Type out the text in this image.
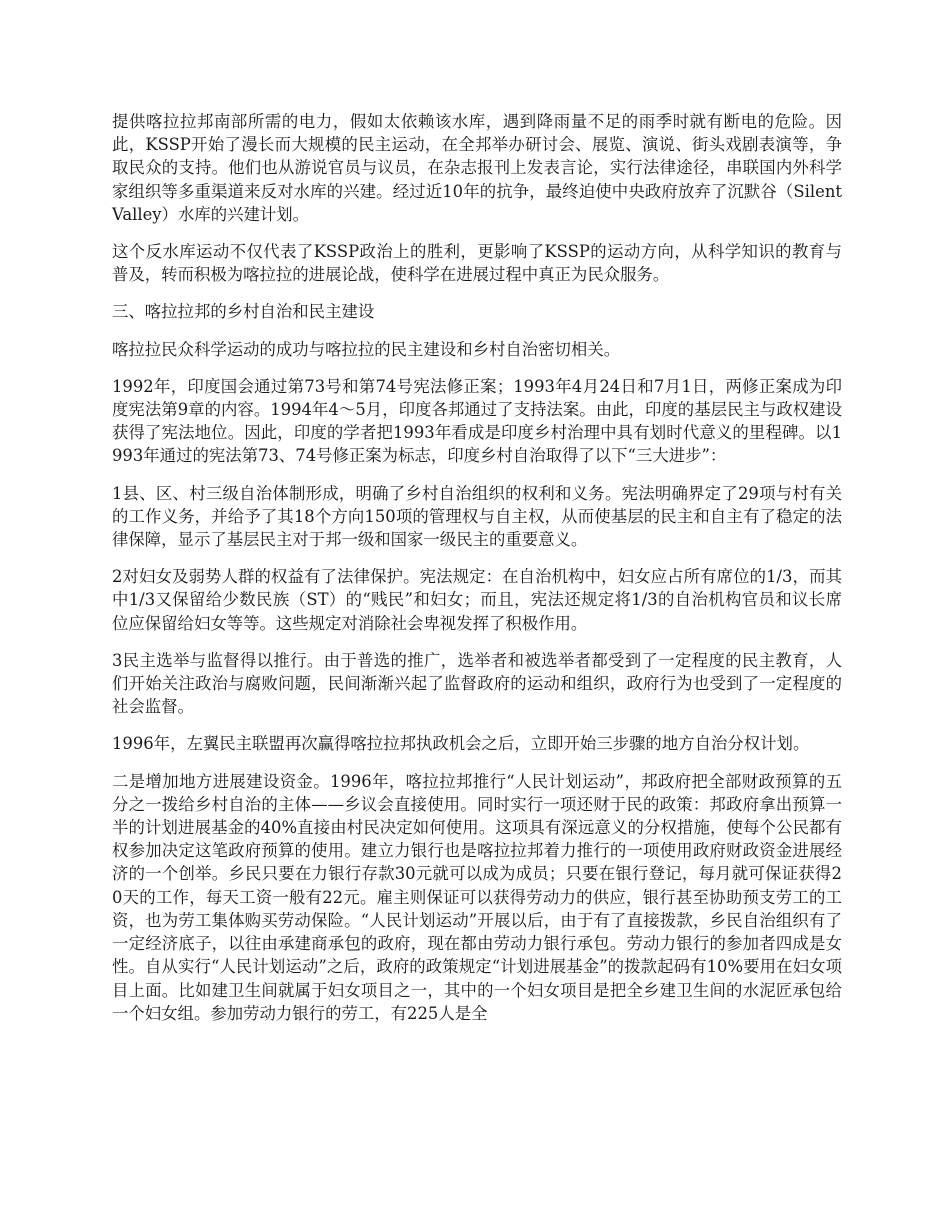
提供喀拉拉邦南部所需的电力，假如太依赖该水库，遇到降雨量不足的雨季时就有断电的危险。因此，KSSP开始了漫长而大规模的民主运动，在全邦举办研讨会、展览、演说、街头戏剧表演等，争取民众的支持。他们也从游说官员与议员，在杂志报刊上发表言论，实行法律途径，串联国内外科学家组织等多重渠道来反对水库的兴建。经过近10年的抗争，最终迫使中央政府放弃了沉默谷（Silent Valley）水库的兴建计划。

这个反水库运动不仅代表了KSSP政治上的胜利，更影响了KSSP的运动方向，从科学知识的教育与普及，转而积极为喀拉拉的进展论战，使科学在进展过程中真正为民众服务。

三、喀拉拉邦的乡村自治和民主建设

喀拉拉民众科学运动的成功与喀拉拉的民主建设和乡村自治密切相关。

1992年，印度国会通过第73号和第74号宪法修正案；1993年4月24日和7月1日，两修正案成为印度宪法第9章的内容。1994年4～5月，印度各邦通过了支持法案。由此，印度的基层民主与政权建设获得了宪法地位。因此，印度的学者把1993年看成是印度乡村治理中具有划时代意义的里程碑。以1993年通过的宪法第73、74号修正案为标志，印度乡村自治取得了以下“三大进步”：

1县、区、村三级自治体制形成，明确了乡村自治组织的权利和义务。宪法明确界定了29项与村有关的工作义务，并给予了其18个方向150项的管理权与自主权，从而使基层的民主和自主有了稳定的法律保障，显示了基层民主对于邦一级和国家一级民主的重要意义。

2对妇女及弱势人群的权益有了法律保护。宪法规定：在自治机构中，妇女应占所有席位的1/3，而其中1/3又保留给少数民族（ST）的“贱民”和妇女；而且，宪法还规定将1/3的自治机构官员和议长席位应保留给妇女等等。这些规定对消除社会卑视发挥了积极作用。

3民主选举与监督得以推行。由于普选的推广，选举者和被选举者都受到了一定程度的民主教育，人们开始关注政治与腐败问题，民间渐渐兴起了监督政府的运动和组织，政府行为也受到了一定程度的社会监督。

1996年，左翼民主联盟再次赢得喀拉拉邦执政机会之后，立即开始三步骤的地方自治分权计划。

二是增加地方进展建设资金。1996年，喀拉拉邦推行“人民计划运动”，邦政府把全部财政预算的五分之一拨给乡村自治的主体——乡议会直接使用。同时实行一项还财于民的政策：邦政府拿出预算一半的计划进展基金的40%直接由村民决定如何使用。这项具有深远意义的分权措施，使每个公民都有权参加决定这笔政府预算的使用。建立力银行也是喀拉拉邦着力推行的一项使用政府财政资金进展经济的一个创举。乡民只要在力银行存款30元就可以成为成员；只要在银行登记，每月就可保证获得20天的工作，每天工资一般有22元。雇主则保证可以获得劳动力的供应，银行甚至协助预支劳工的工资，也为劳工集体购买劳动保险。“人民计划运动”开展以后，由于有了直接拨款，乡民自治组织有了一定经济底子，以往由承建商承包的政府，现在都由劳动力银行承包。劳动力银行的参加者四成是女性。自从实行“人民计划运动”之后，政府的政策规定“计划进展基金”的拨款起码有10%要用在妇女项目上面。比如建卫生间就属于妇女项目之一，其中的一个妇女项目是把全乡建卫生间的水泥匠承包给一个妇女组。参加劳动力银行的劳工，有225人是全
